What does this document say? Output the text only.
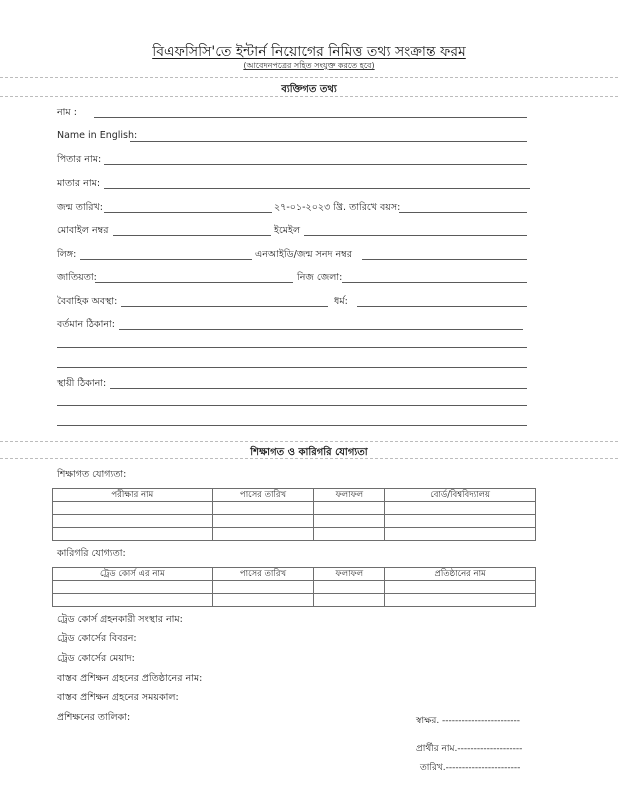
বিএফসিসি'তে ইন্টার্ন নিয়োগের নিমিত্ত তথ্য সংক্রান্ত ফরম
(আবেদনপত্রের সহিত সংযুক্ত করতে হবে)
ব্যক্তিগত তথ্য
নাম :
Name in English:
পিতার নাম:
মাতার নাম:
জন্ম তারিখ:	২৭-০১-২০২৩ খ্রি. তারিখে বয়স:
মোবাইল নম্বর	ইমেইল
লিঙ্গ:	এনআইডি/জন্ম সনদ নম্বর
জাতিয়তা:	নিজ জেলা:
বৈবাহিক অবস্থা:	ধর্ম:
বর্তমান ঠিকানা:
স্থায়ী ঠিকানা:
শিক্ষাগত ও কারিগরি যোগ্যতা
শিক্ষাগত যোগ্যতা:
পরীক্ষার নাম	পাসের তারিখ	ফলাফল	বোর্ড/বিশ্ববিদ্যালয়

কারিগরি যোগ্যতা:
ট্রেড কোর্স এর নাম	পাসের তারিখ	ফলাফল	প্রতিষ্ঠানের নাম

ট্রেড কোর্স গ্রহনকারী সংস্থার নাম:
ট্রেড কোর্সের বিবরন:
ট্রেড কোর্সের মেয়াদ:
বাস্তব প্রশিক্ষন গ্রহনের প্রতিষ্ঠানের নাম:
বাস্তব প্রশিক্ষন গ্রহনের সময়কাল:
প্রশিক্ষনের তালিকা:	স্বাক্ষর. ------------------------
প্রার্থীর নাম.--------------------
তারিখ.-----------------------
